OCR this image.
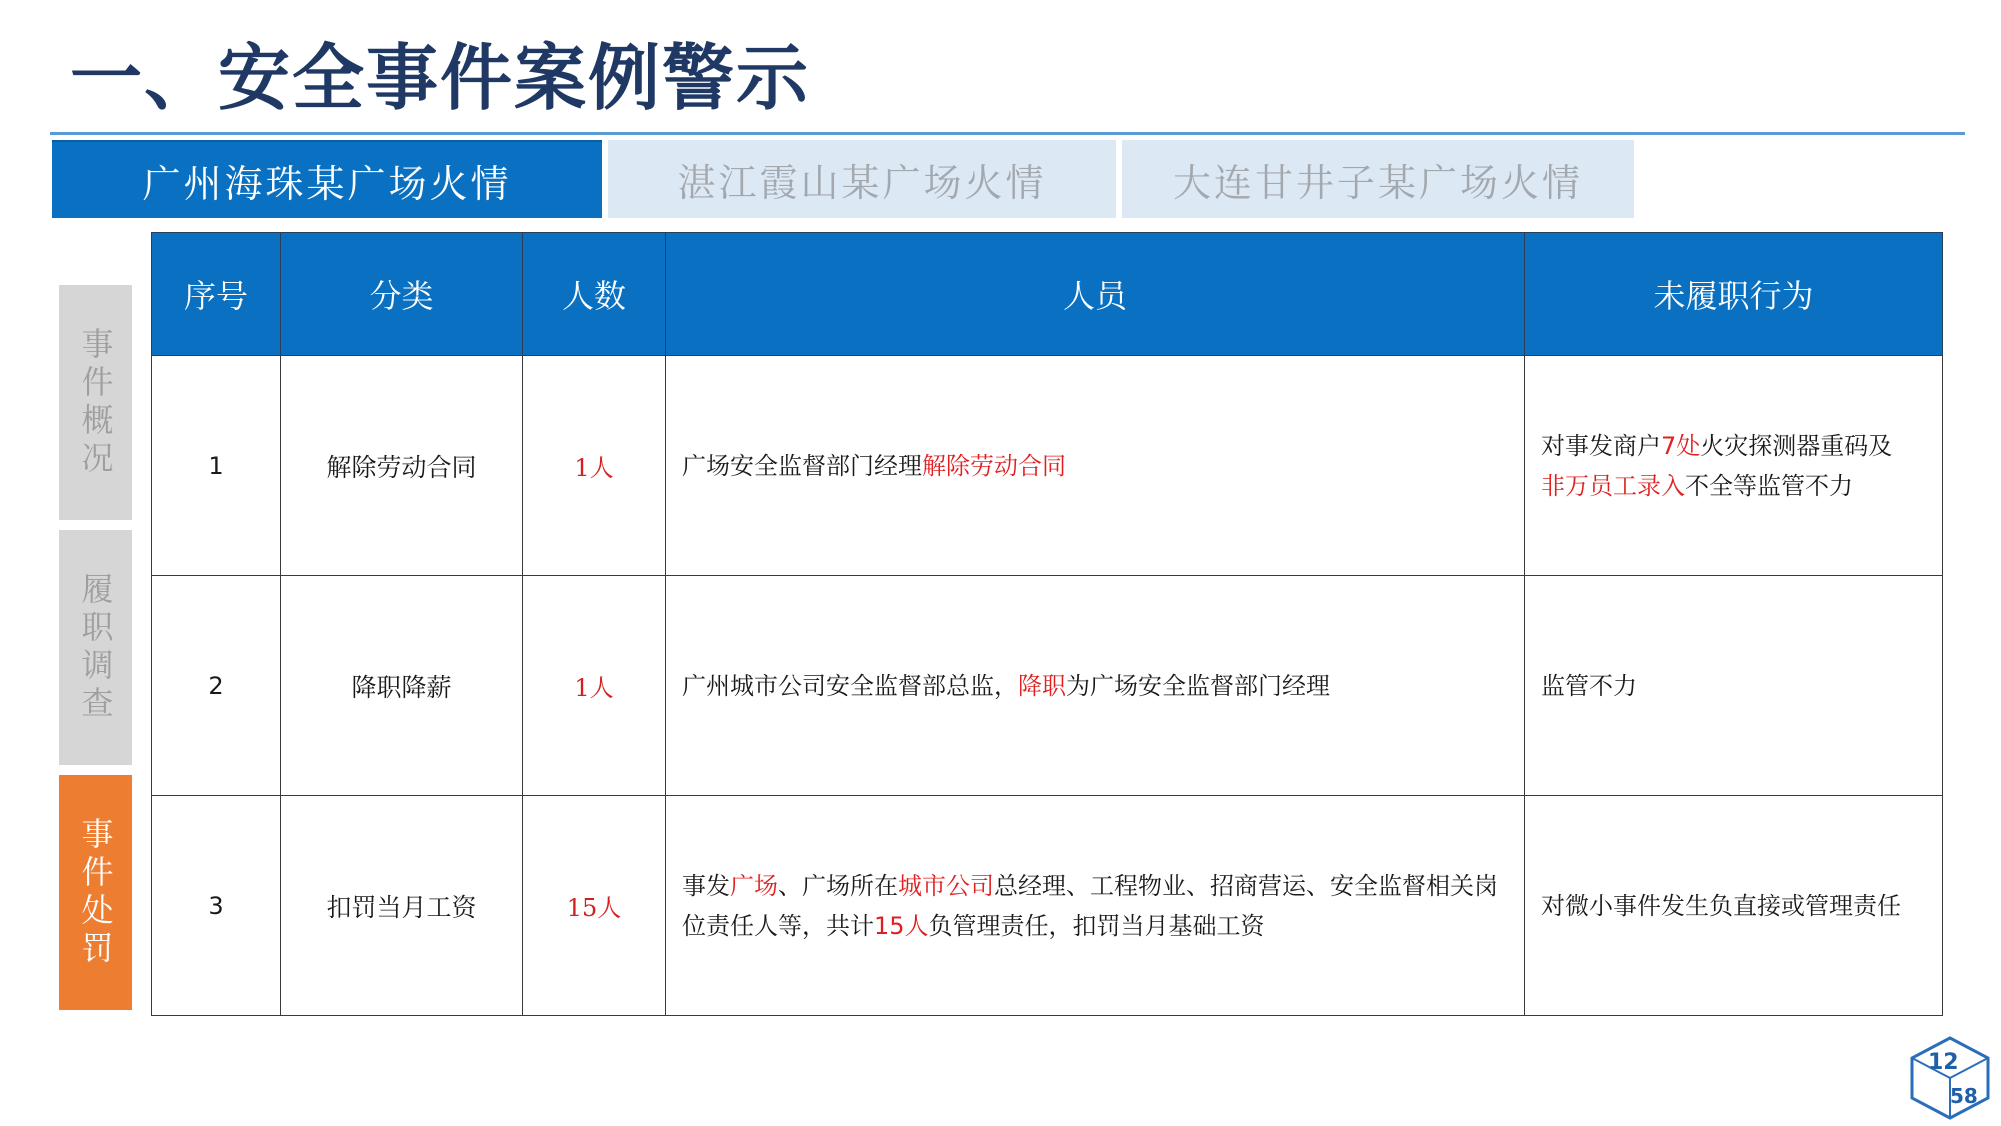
一、安全事件案例警示
广州海珠某广场火情	湛江霞山某广场火情	大连甘井子某广场火情
事件概况
履职调查
事件处罚
序号	分类	人数	人员	未履职行为
1	解除劳动合同	1人	广场安全监督部门经理解除劳动合同	对事发商户7处火灾探测器重码及
非万员工录入不全等监管不力
2	降职降薪	1人	广州城市公司安全监督部总监，降职为广场安全监督部门经理	监管不力
3	扣罚当月工资	15人	事发广场、广场所在城市公司总经理、工程物业、招商营运、安全监督相关岗位责任人等，共计15人负管理责任，扣罚当月基础工资	对微小事件发生负直接或管理责任
12
58
